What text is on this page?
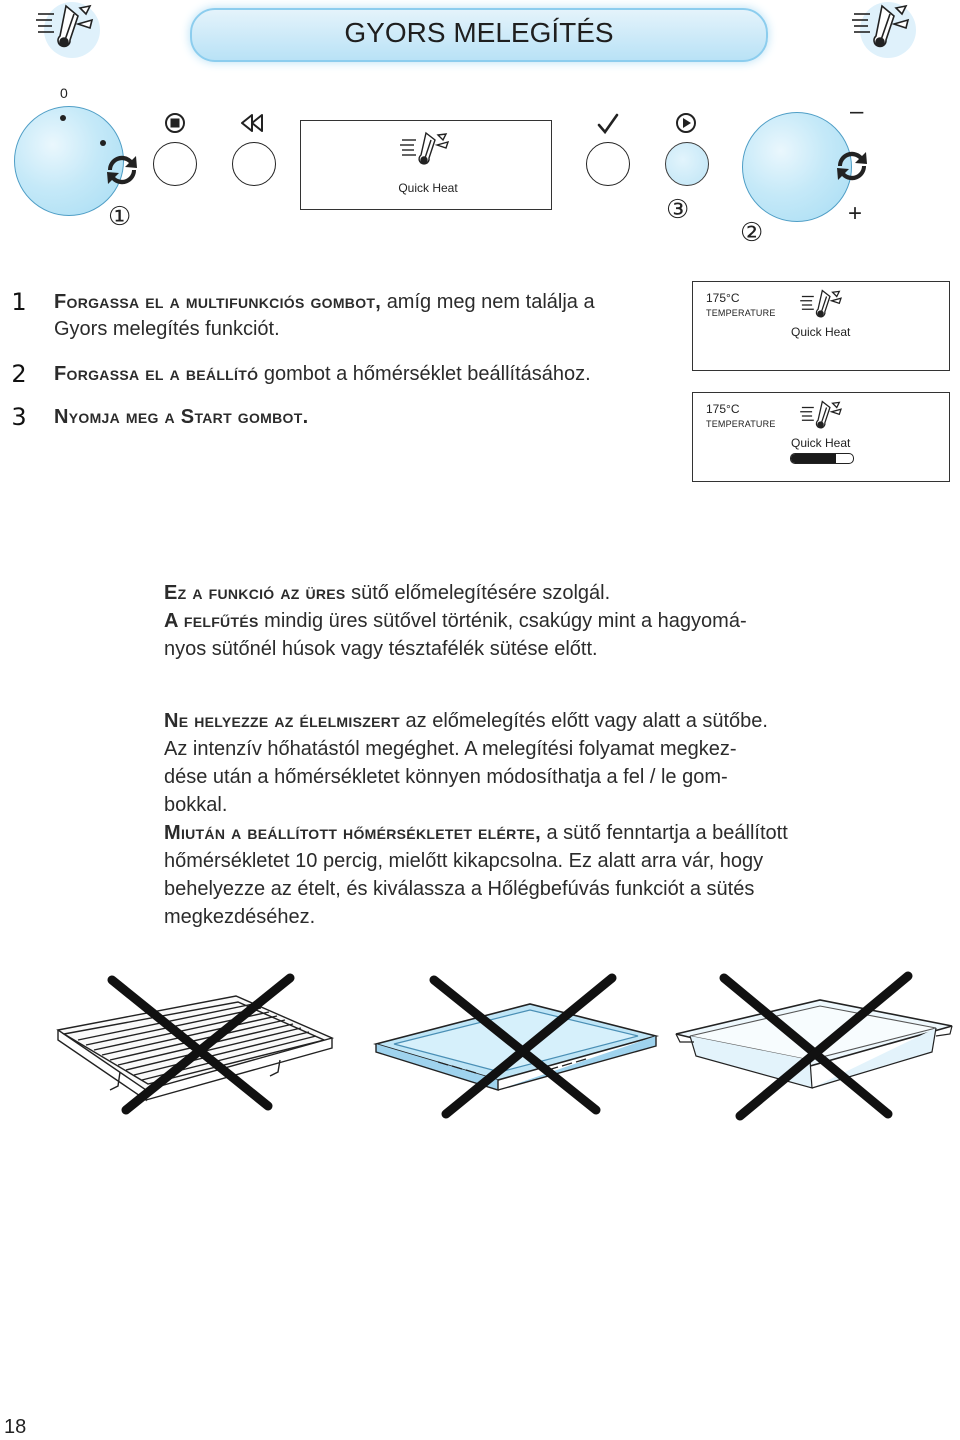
GYORS MELEGÍTÉS
0
①
Quick Heat
③
–
+
②
1 Forgassa el a multifunkciós gombot, amíg meg nem találja a
Gyors melegítés funkciót.
2 Forgassa el a beállító gombot a hőmérséklet beállításához.
3 Nyomja meg a Start gombot.
175°C
TEMPERATURE
Quick Heat
175°C
TEMPERATURE
Quick Heat

Ez a funkció az üres sütő előmelegítésére szolgál.

A felfűtés mindig üres sütővel történik, csakúgy mint a hagyomá-

nyos sütőnél húsok vagy tésztafélék sütése előtt.

Ne helyezze az élelmiszert az előmelegítés előtt vagy alatt a sütőbe.

Az intenzív hőhatástól megéghet. A melegítési folyamat megkez-

dése után a hőmérsékletet könnyen módosíthatja a fel / le gom-

bokkal.

Miután a beállított hőmérsékletet elérte, a sütő fenntartja a beállított

hőmérsékletet 10 percig, mielőtt kikapcsolna. Ez alatt arra vár, hogy

behelyezze az ételt, és kiválassza a Hőlégbefúvás funkciót a sütés

megkezdéséhez.

18
